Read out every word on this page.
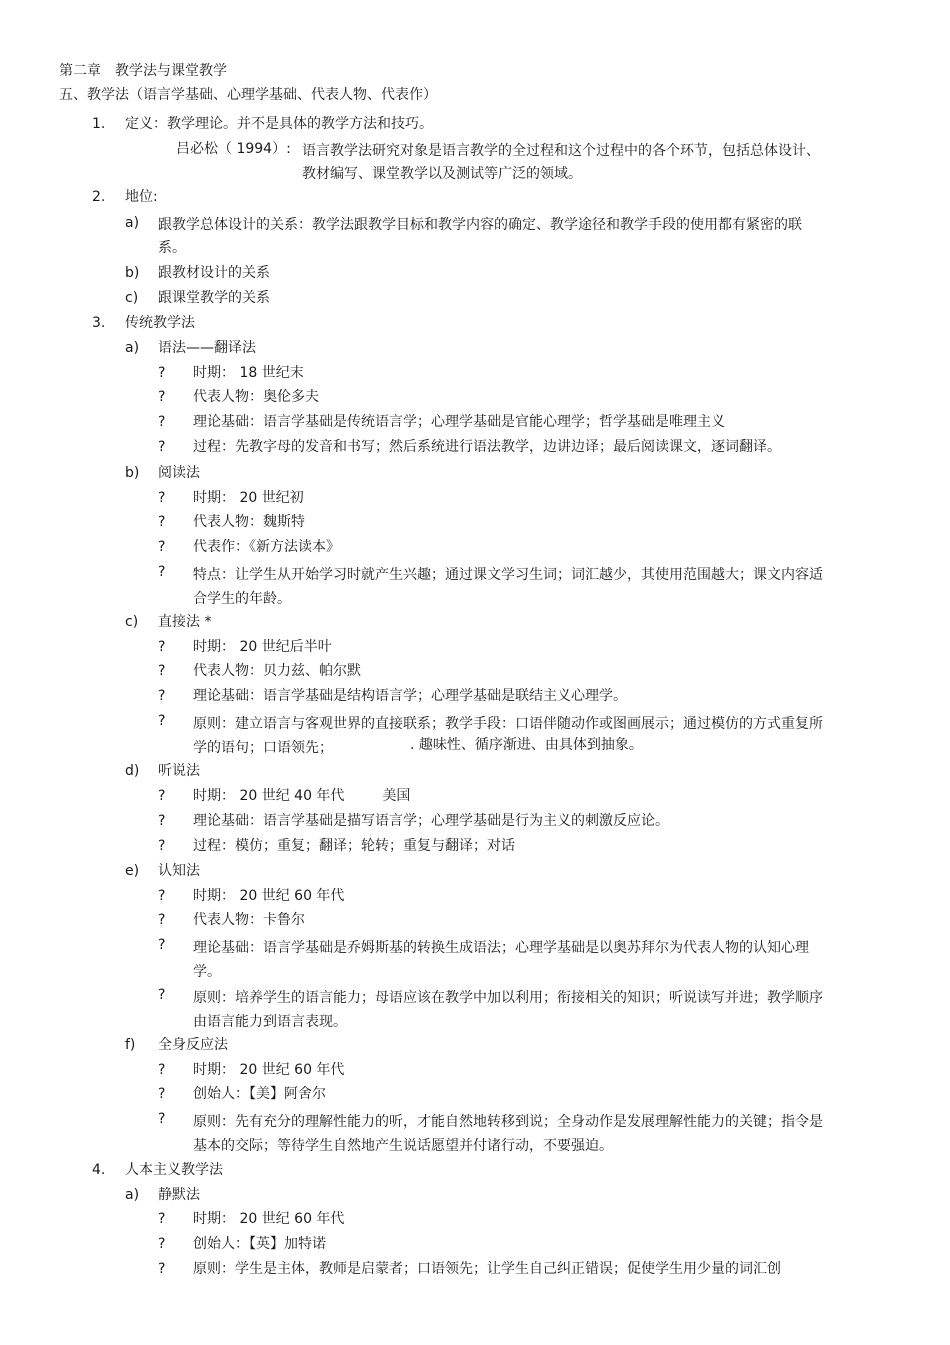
第二章　教学法与课堂教学
五、教学法（语言学基础、心理学基础、代表人物、代表作）
1. 定义：教学理论。并不是具体的教学方法和技巧。
吕必松（ 1994）: 语言教学法研究对象是语言教学的全过程和这个过程中的各个环节，包括总体设计、教材编写、课堂教学以及测试等广泛的领域。
2. 地位:
a) 跟教学总体设计的关系：教学法跟教学目标和教学内容的确定、教学途径和教学手段的使用都有紧密的联系。
b) 跟教材设计的关系
c) 跟课堂教学的关系
3. 传统教学法
a) 语法——翻译法
? 时期： 18 世纪末
? 代表人物：奥伦多夫
? 理论基础：语言学基础是传统语言学；心理学基础是官能心理学；哲学基础是唯理主义
? 过程：先教字母的发音和书写；然后系统进行语法教学，边讲边译；最后阅读课文，逐词翻译。
b) 阅读法
? 时期： 20 世纪初
? 代表人物：魏斯特
? 代表作：《新方法读本》
? 特点：让学生从开始学习时就产生兴趣；通过课文学习生词；词汇越少，其使用范围越大；课文内容适合学生的年龄。
c) 直接法 *
? 时期： 20 世纪后半叶
? 代表人物：贝力兹、帕尔默
? 理论基础：语言学基础是结构语言学；心理学基础是联结主义心理学。
? 原则：建立语言与客观世界的直接联系；教学手段：口语伴随动作或图画展示；通过模仿的方式重复所学的语句；口语领先；	. 趣味性、循序渐进、由具体到抽象。
d) 听说法
? 时期： 20 世纪 40 年代	美国
? 理论基础：语言学基础是描写语言学；心理学基础是行为主义的刺激反应论。
? 过程：模仿；重复；翻译；轮转；重复与翻译；对话
e) 认知法
? 时期： 20 世纪 60 年代
? 代表人物：卡鲁尔
? 理论基础：语言学基础是乔姆斯基的转换生成语法；心理学基础是以奥苏拜尔为代表人物的认知心理学。
? 原则：培养学生的语言能力；母语应该在教学中加以利用；衔接相关的知识；听说读写并进；教学顺序由语言能力到语言表现。
f) 全身反应法
? 时期： 20 世纪 60 年代
? 创始人：【美】阿舍尔
? 原则：先有充分的理解性能力的听，才能自然地转移到说；全身动作是发展理解性能力的关键；指令是基本的交际；等待学生自然地产生说话愿望并付诸行动，不要强迫。
4. 人本主义教学法
a) 静默法
? 时期： 20 世纪 60 年代
? 创始人：【英】加特诺
? 原则：学生是主体，教师是启蒙者；口语领先；让学生自己纠正错误；促使学生用少量的词汇创
